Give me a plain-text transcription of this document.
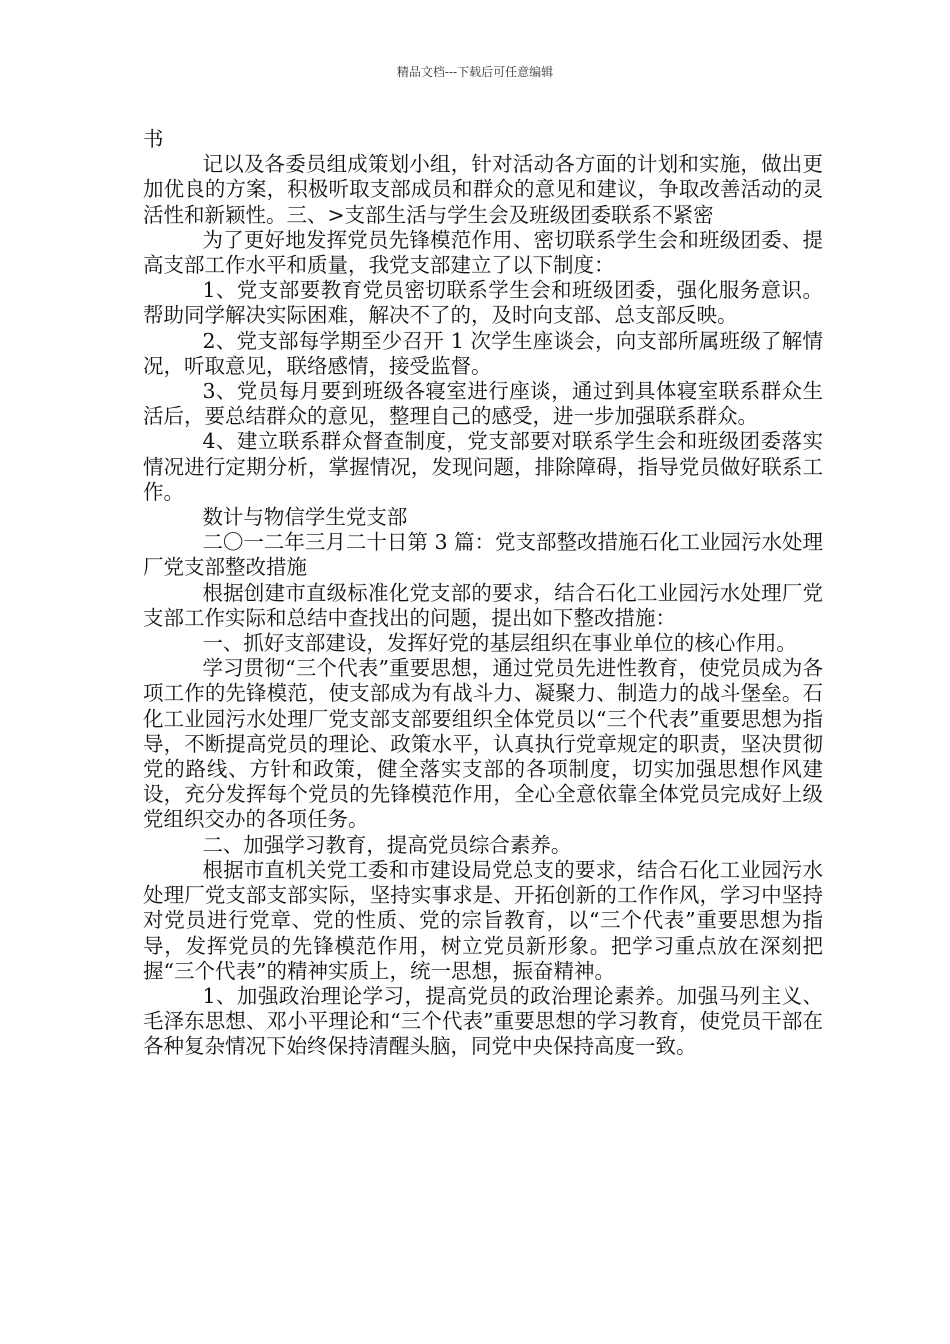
精品文档---下载后可任意编辑

书

记以及各委员组成策划小组，针对活动各方面的计划和实施，做出更加优良的方案，积极听取支部成员和群众的意见和建议，争取改善活动的灵活性和新颖性。三、>支部生活与学生会及班级团委联系不紧密

为了更好地发挥党员先锋模范作用、密切联系学生会和班级团委、提高支部工作水平和质量，我党支部建立了以下制度：

1、党支部要教育党员密切联系学生会和班级团委，强化服务意识。帮助同学解决实际困难，解决不了的，及时向支部、总支部反映。

2、党支部每学期至少召开 1 次学生座谈会，向支部所属班级了解情况，听取意见，联络感情，接受监督。

3、党员每月要到班级各寝室进行座谈，通过到具体寝室联系群众生活后，要总结群众的意见，整理自己的感受，进一步加强联系群众。

4、建立联系群众督查制度，党支部要对联系学生会和班级团委落实情况进行定期分析，掌握情况，发现问题，排除障碍，指导党员做好联系工作。

数计与物信学生党支部

二〇一二年三月二十日第 3 篇：党支部整改措施石化工业园污水处理厂党支部整改措施

根据创建市直级标准化党支部的要求，结合石化工业园污水处理厂党支部工作实际和总结中查找出的问题，提出如下整改措施：

一、抓好支部建设，发挥好党的基层组织在事业单位的核心作用。

学习贯彻“三个代表”重要思想，通过党员先进性教育，使党员成为各项工作的先锋模范，使支部成为有战斗力、凝聚力、制造力的战斗堡垒。石化工业园污水处理厂党支部支部要组织全体党员以“三个代表”重要思想为指导，不断提高党员的理论、政策水平，认真执行党章规定的职责，坚决贯彻党的路线、方针和政策，健全落实支部的各项制度，切实加强思想作风建设，充分发挥每个党员的先锋模范作用，全心全意依靠全体党员完成好上级党组织交办的各项任务。

二、加强学习教育，提高党员综合素养。

根据市直机关党工委和市建设局党总支的要求，结合石化工业园污水处理厂党支部支部实际，坚持实事求是、开拓创新的工作作风，学习中坚持对党员进行党章、党的性质、党的宗旨教育，以“三个代表”重要思想为指导，发挥党员的先锋模范作用，树立党员新形象。把学习重点放在深刻把握“三个代表”的精神实质上，统一思想，振奋精神。

1、加强政治理论学习，提高党员的政治理论素养。加强马列主义、毛泽东思想、邓小平理论和“三个代表”重要思想的学习教育，使党员干部在各种复杂情况下始终保持清醒头脑，同党中央保持高度一致。
